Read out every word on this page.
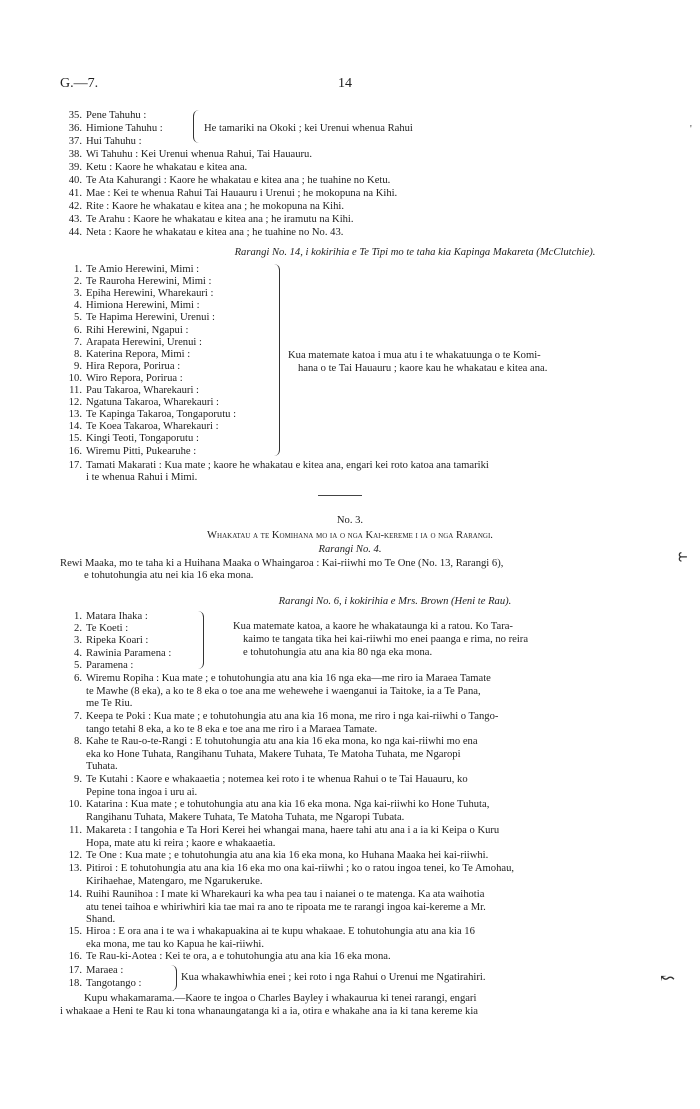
G.—7.	14
'
35. Pene Tahuhu :
36. Himione Tahuhu :
37. Hui Tahuhu :
38. Wi Tahuhu : Kei Urenui whenua Rahui, Tai Hauauru.
39. Ketu : Kaore he whakatau e kitea ana.
40. Te Ata Kahurangi : Kaore he whakatau e kitea ana ; he tuahine no Ketu.
41. Mae : Kei te whenua Rahui Tai Hauauru i Urenui ; he mokopuna na Kihi.
42. Rite : Kaore he whakatau e kitea ana ; he mokopuna na Kihi.
43. Te Arahu : Kaore he whakatau e kitea ana ; he iramutu na Kihi.
44. Neta : Kaore he whakatau e kitea ana ; he tuahine no No. 43.
He tamariki na Okoki ; kei Urenui whenua Rahui
Rarangi No. 14, i kokirihia e Te Tipi mo te taha kia Kapinga Makareta (McClutchie).
1. Te Amio Herewini, Mimi :
2. Te Rauroha Herewini, Mimi :
3. Epiha Herewini, Wharekauri :
4. Himiona Herewini, Mimi :
5. Te Hapima Herewini, Urenui :
6. Rihi Herewini, Ngapui :
7. Arapata Herewini, Urenui :
8. Katerina Repora, Mimi :
9. Hira Repora, Porirua :
10. Wiro Repora, Porirua :
11. Pau Takaroa, Wharekauri :
12. Ngatuna Takaroa, Wharekauri :
13. Te Kapinga Takaroa, Tongaporutu :
14. Te Koea Takaroa, Wharekauri :
15. Kingi Teoti, Tongaporutu :
16. Wiremu Pitti, Pukearuhe :
Kua matemate katoa i mua atu i te whakatuunga o te Komi-
hana o te Tai Hauauru ; kaore kau he whakatau e kitea ana.
17. Tamati Makarati : Kua mate ; kaore he whakatau e kitea ana, engari kei roto katoa ana tamariki
i te whenua Rahui i Mimi.
No. 3.
Whakatau a te Komihana mo ia o nga Kai-kereme i ia o nga Rarangi.
Rarangi No. 4.
Rewi Maaka, mo te taha ki a Huihana Maaka o Whaingaroa : Kai-riiwhi mo Te One (No. 13, Rarangi 6),
e tohutohungia atu nei kia 16 eka mona.
⥼
Rarangi No. 6, i kokirihia e Mrs. Brown (Heni te Rau).
1. Matara Ihaka :
2. Te Koeti :
3. Ripeka Koari :
4. Rawinia Paramena :
5. Paramena :
Kua matemate katoa, a kaore he whakataunga ki a ratou. Ko Tara-
kaimo te tangata tika hei kai-riiwhi mo enei paanga e rima, no reira
e tohutohungia atu ana kia 80 nga eka mona.
6. Wiremu Ropiha : Kua mate ; e tohutohungia atu ana kia 16 nga eka—me riro ia Maraea Tamate
te Mawhe (8 eka), a ko te 8 eka o toe ana me wehewehe i waenganui ia Taitoke, ia a Te Pana,
me Te Riu.
7. Keepa te Poki : Kua mate ; e tohutohungia atu ana kia 16 mona, me riro i nga kai-riiwhi o Tango-
tango tetahi 8 eka, a ko te 8 eka e toe ana me riro i a Maraea Tamate.
8. Kahe te Rau-o-te-Rangi : E tohutohungia atu ana kia 16 eka mona, ko nga kai-riiwhi mo ena
eka ko Hone Tuhata, Rangihanu Tuhata, Makere Tuhata, Te Matoha Tuhata, me Ngaropi
Tuhata.
9. Te Kutahi : Kaore e whakaaetia ; notemea kei roto i te whenua Rahui o te Tai Hauauru, ko
Pepine tona ingoa i uru ai.
10. Katarina : Kua mate ; e tohutohungia atu ana kia 16 eka mona. Nga kai-riiwhi ko Hone Tuhuta,
Rangihanu Tuhata, Makere Tuhata, Te Matoha Tuhata, me Ngaropi Tubata.
11. Makareta : I tangohia e Ta Hori Kerei hei whangai mana, haere tahi atu ana i a ia ki Keipa o Kuru
Hopa, mate atu ki reira ; kaore e whakaaetia.
12. Te One : Kua mate ; e tohutohungia atu ana kia 16 eka mona, ko Huhana Maaka hei kai-riiwhi.
13. Pitiroi : E tohutohungia atu ana kia 16 eka mo ona kai-riiwhi ; ko o ratou ingoa tenei, ko Te Amohau,
Kirihaehae, Matengaro, me Ngarukeruke.
14. Ruihi Raunihoa : I mate ki Wharekauri ka wha pea tau i naianei o te matenga. Ka ata waihotia
atu tenei taihoa e whiriwhiri kia tae mai ra ano te ripoata me te rarangi ingoa kai-kereme a Mr.
Shand.
15. Hiroa : E ora ana i te wa i whakapuakina ai te kupu whakaae. E tohutohungia atu ana kia 16
eka mona, me tau ko Kapua he kai-riiwhi.
16. Te Rau-ki-Aotea : Kei te ora, a e tohutohungia atu ana kia 16 eka mona.
17. Maraea :
18. Tangotango :
Kua whakawhiwhia enei ; kei roto i nga Rahui o Urenui me Ngatirahiri.	↜
Kupu whakamarama.—Kaore te ingoa o Charles Bayley i whakaurua ki tenei rarangi, engari
i whakaae a Heni te Rau ki tona whanaungatanga ki a ia, otira e whakahe ana ia ki tana kereme kia
